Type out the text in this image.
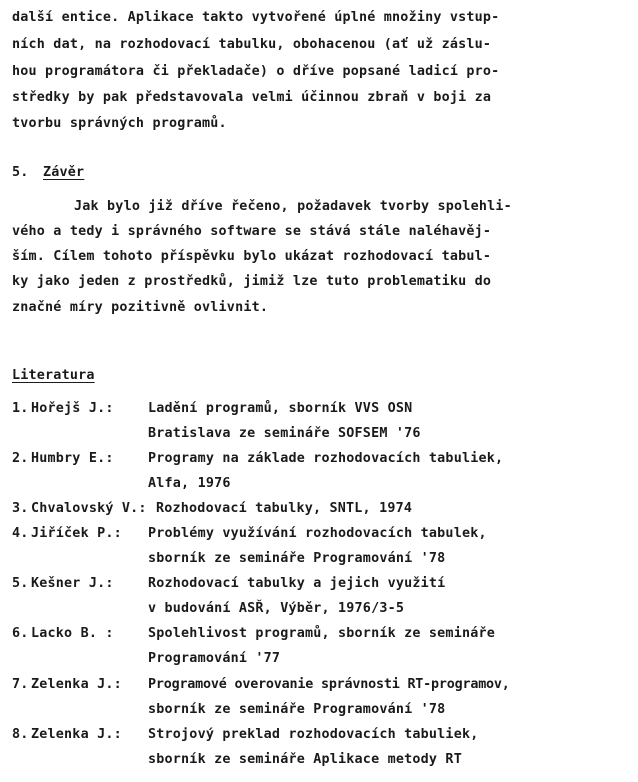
další entice. Aplikace takto vytvořené úplné množiny vstup-
ních dat, na rozhodovací tabulku, obohacenou (ať už záslu-
hou programátora či překladače) o dříve popsané ladicí pro-
středky by pak představovala velmi účinnou zbraň v boji za
tvorbu správných programů.
5. Závěr
Jak bylo již dříve řečeno, požadavek tvorby spolehli-
vého a tedy i správného software se stává stále naléhavěj-
ším. Cílem tohoto příspěvku bylo ukázat rozhodovací tabul-
ky jako jeden z prostředků, jimiž lze tuto problematiku do
značné míry pozitivně ovlivnit.
Literatura
1. Hořejš J.:	Ladění programů, sborník VVS OSN
Bratislava ze semináře SOFSEM '76
2. Humbry E.:	Programy na základe rozhodovacích tabuliek,
Alfa, 1976
3. Chvalovský V.: Rozhodovací tabulky, SNTL, 1974
4. Jiříček P.: Problémy využívání rozhodovacích tabulek,
sborník ze semináře Programování '78
5. Kešner J.:	Rozhodovací tabulky a jejich využití
v budování ASŘ, Výběr, 1976/3-5
6. Lacko B. :	Spolehlivost programů, sborník ze semináře
Programování '77
7. Zelenka J.: Programové overovanie správnosti RT-programov,
sborník ze semináře Programování '78
8. Zelenka J.: Strojový preklad rozhodovacích tabuliek,
sborník ze semináře Aplikace metody RT
